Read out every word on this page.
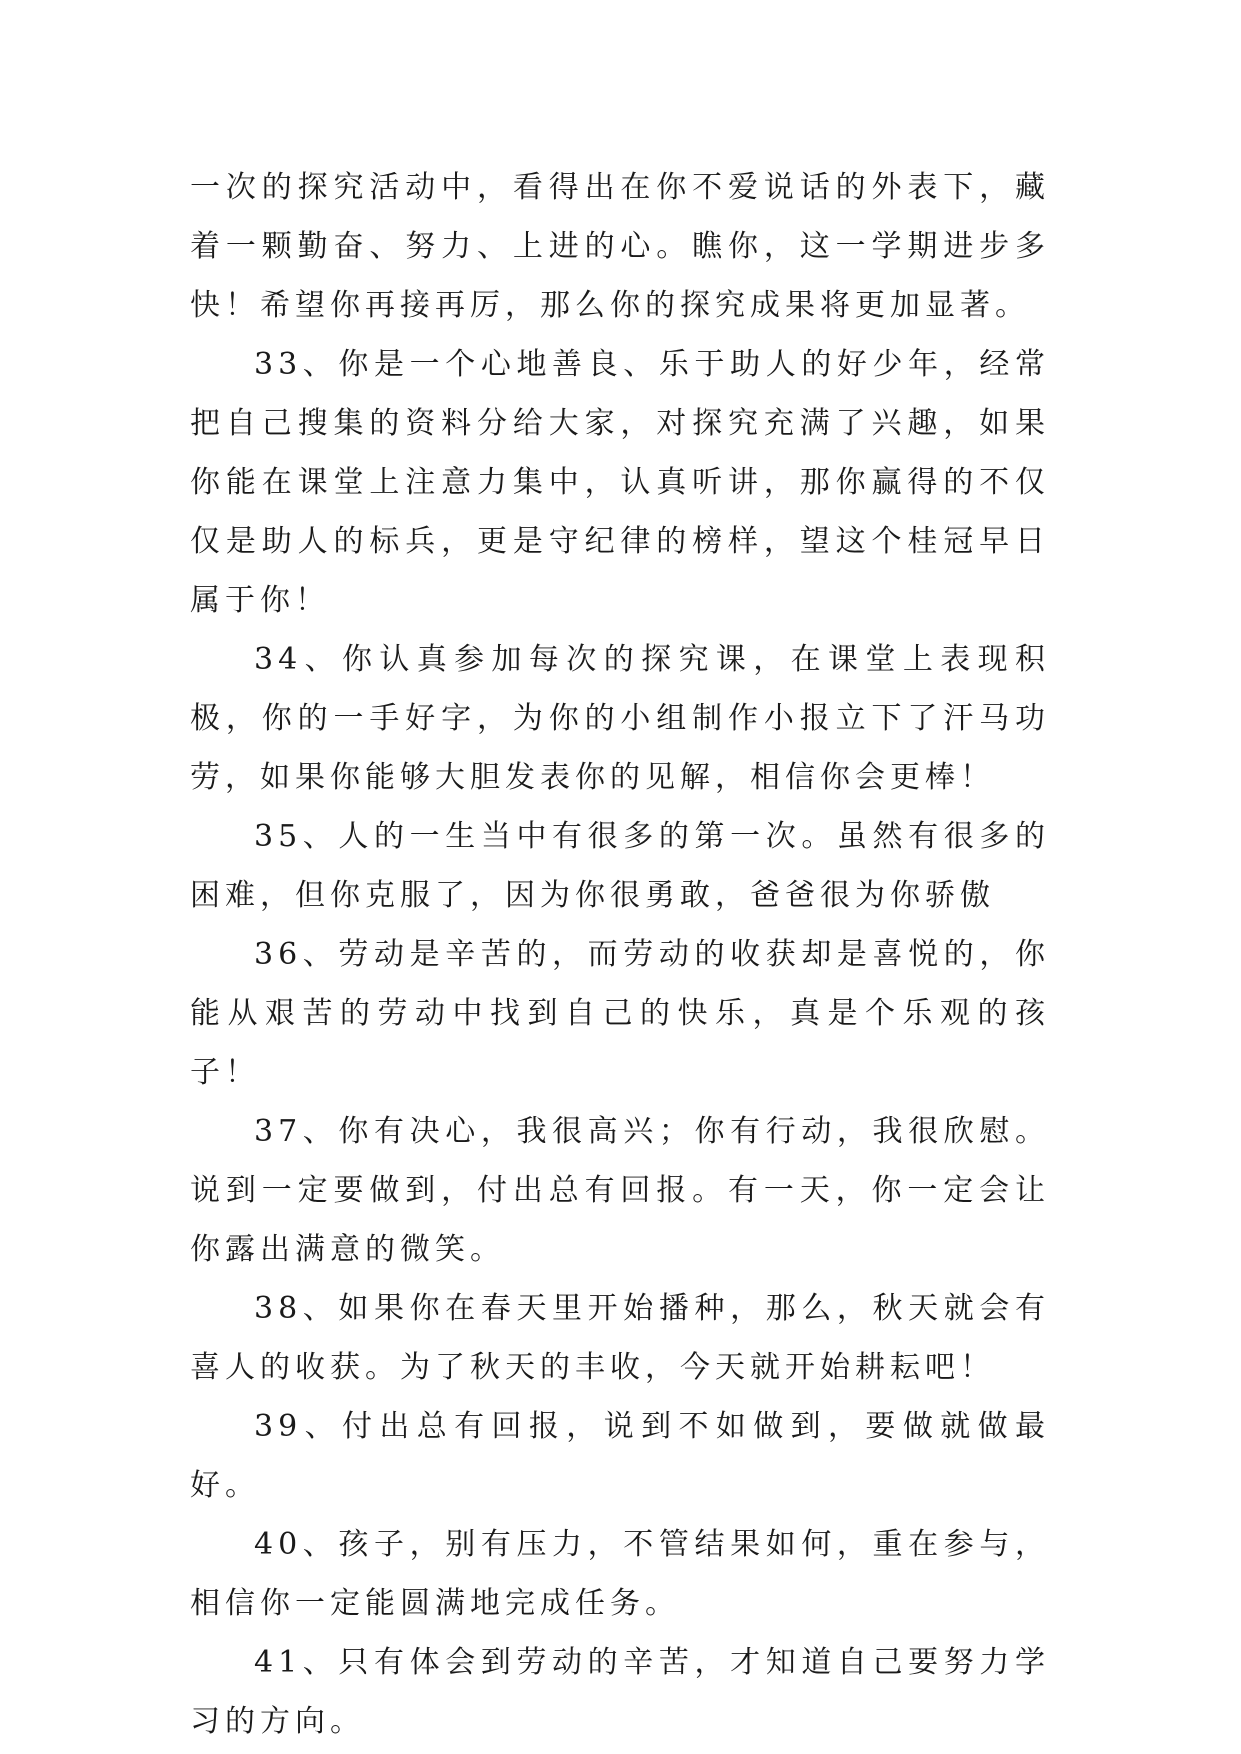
一次的探究活动中，看得出在你不爱说话的外表下，藏着一颗勤奋、努力、上进的心。瞧你，这一学期进步多快！希望你再接再厉，那么你的探究成果将更加显著。

33、你是一个心地善良、乐于助人的好少年，经常把自己搜集的资料分给大家，对探究充满了兴趣，如果你能在课堂上注意力集中，认真听讲，那你赢得的不仅仅是助人的标兵，更是守纪律的榜样，望这个桂冠早日属于你！

34、你认真参加每次的探究课，在课堂上表现积极，你的一手好字，为你的小组制作小报立下了汗马功劳，如果你能够大胆发表你的见解，相信你会更棒！

35、人的一生当中有很多的第一次。虽然有很多的困难，但你克服了，因为你很勇敢，爸爸很为你骄傲

36、劳动是辛苦的，而劳动的收获却是喜悦的，你能从艰苦的劳动中找到自己的快乐，真是个乐观的孩子！

37、你有决心，我很高兴；你有行动，我很欣慰。说到一定要做到，付出总有回报。有一天，你一定会让你露出满意的微笑。

38、如果你在春天里开始播种，那么，秋天就会有喜人的收获。为了秋天的丰收，今天就开始耕耘吧！

39、付出总有回报，说到不如做到，要做就做最好。

40、孩子，别有压力，不管结果如何，重在参与，相信你一定能圆满地完成任务。

41、只有体会到劳动的辛苦，才知道自己要努力学习的方向。
